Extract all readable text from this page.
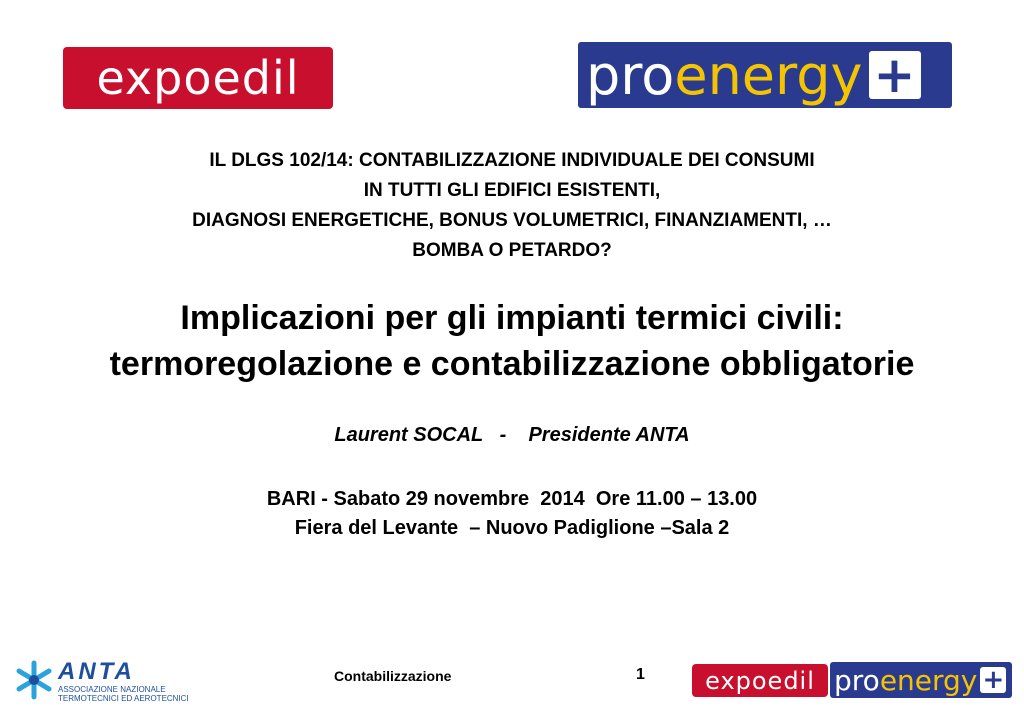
expoedil	pro energy +
IL DLGS 102/14: CONTABILIZZAZIONE INDIVIDUALE DEI CONSUMI
IN TUTTI GLI EDIFICI ESISTENTI,
DIAGNOSI ENERGETICHE, BONUS VOLUMETRICI, FINANZIAMENTI, …
BOMBA O PETARDO?
Implicazioni per gli impianti termici civili:
termoregolazione e contabilizzazione obbligatorie
Laurent SOCAL   -    Presidente ANTA
BARI - Sabato 29 novembre  2014  Ore 11.00 – 13.00
Fiera del Levante  – Nuovo Padiglione –Sala 2
ANTA
ASSOCIAZIONE NAZIONALE
TERMOTECNICI ED AEROTECNICI
Contabilizzazione	1	expoedil pro energy +
